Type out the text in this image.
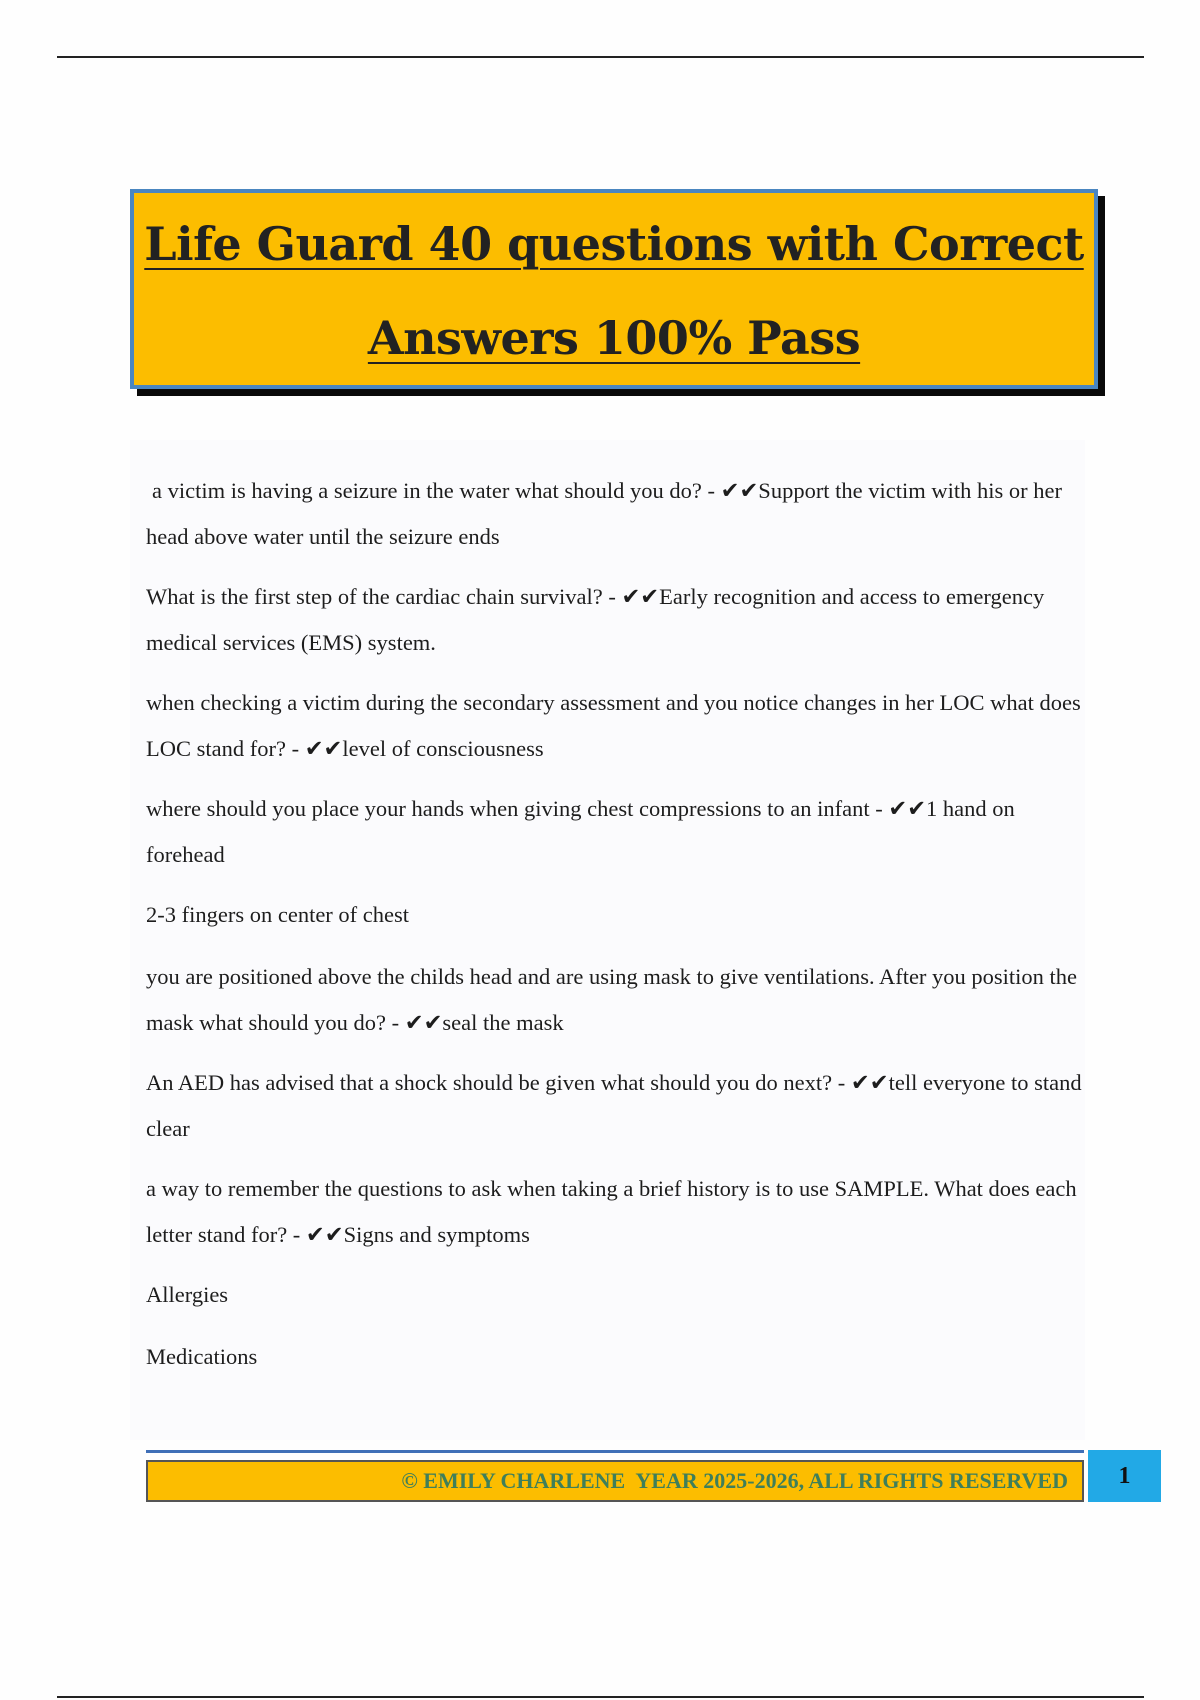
Life Guard 40 questions with Correct
Answers 100% Pass

a victim is having a seizure in the water what should you do? - ✔✔Support the victim with his or her head above water until the seizure ends

What is the first step of the cardiac chain survival? - ✔✔Early recognition and access to emergency medical services (EMS) system.

when checking a victim during the secondary assessment and you notice changes in her LOC what does LOC stand for? - ✔✔level of consciousness

where should you place your hands when giving chest compressions to an infant - ✔✔1 hand on forehead

2-3 fingers on center of chest

you are positioned above the childs head and are using mask to give ventilations. After you position the mask what should you do? - ✔✔seal the mask

An AED has advised that a shock should be given what should you do next? - ✔✔tell everyone to stand clear

a way to remember the questions to ask when taking a brief history is to use SAMPLE. What does each letter stand for? - ✔✔Signs and symptoms

Allergies

Medications

© EMILY CHARLENE  YEAR 2025-2026, ALL RIGHTS RESERVED 1
